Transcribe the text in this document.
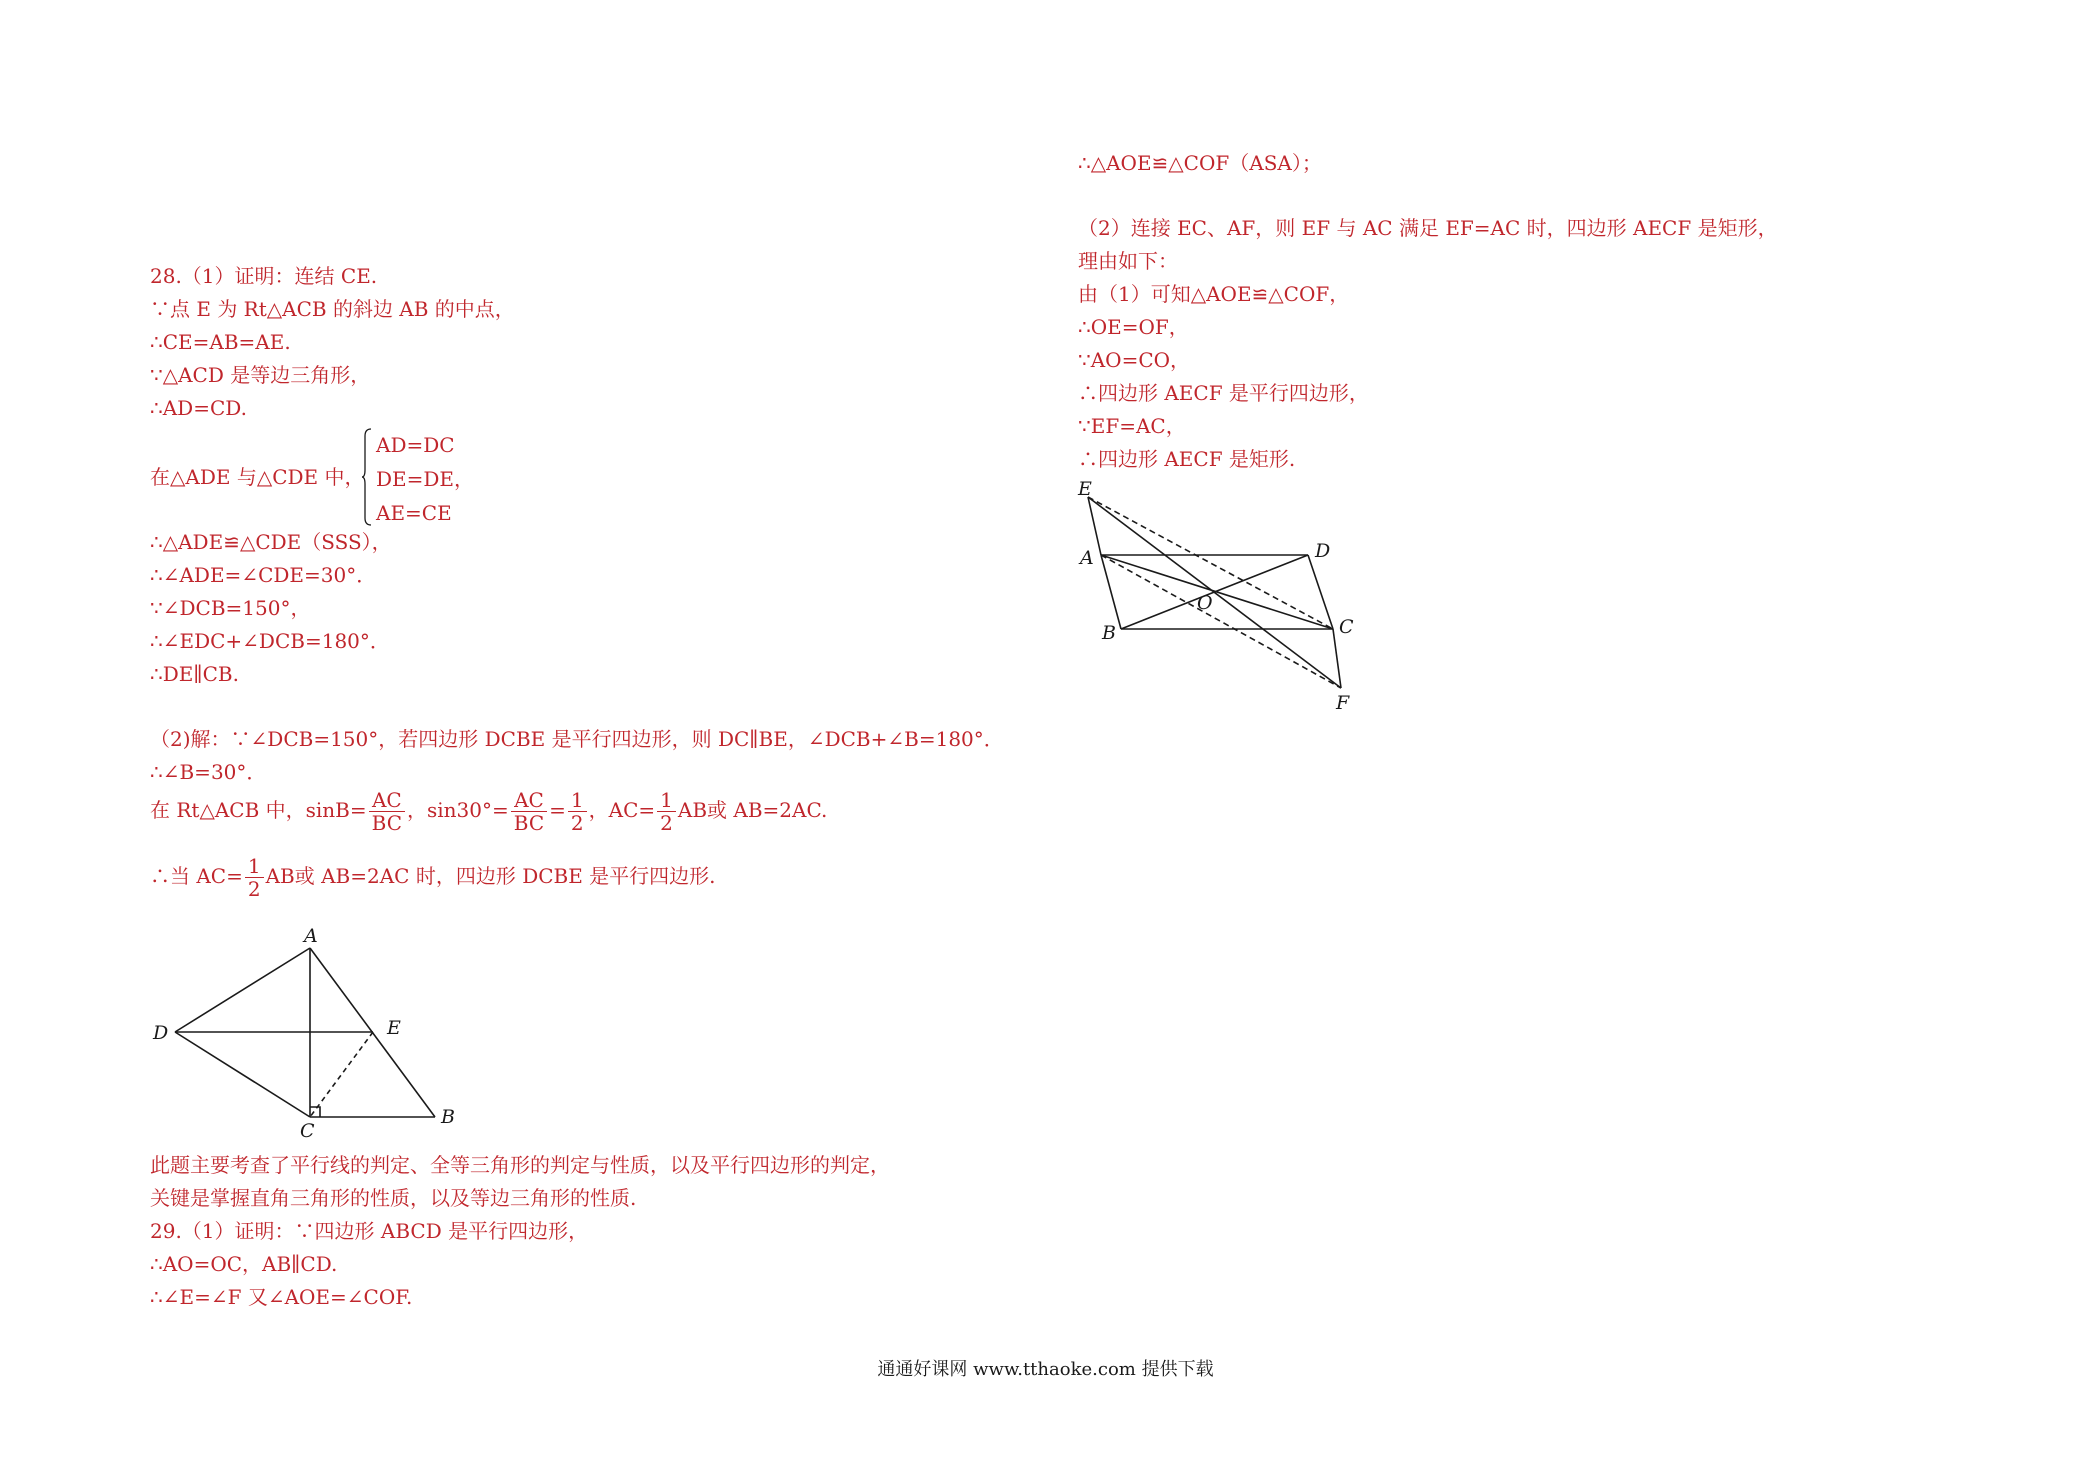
28.（1）证明：连结 CE.
∵点 E 为 Rt△ACB 的斜边 AB 的中点，
∴CE=AB=AE.
∵△ACD 是等边三角形，
∴AD=CD.
在△ADE 与△CDE 中，
AD=DC
DE=DE，
AE=CE
∴△ADE≌△CDE（SSS），
∴∠ADE=∠CDE=30°．
∵∠DCB=150°，
∴∠EDC+∠DCB=180°．
∴DE∥CB.
（2)解：∵∠DCB=150°，若四边形 DCBE 是平行四边形，则 DC∥BE，∠DCB+∠B=180°．
∴∠B=30°．
在 Rt△ACB 中，$\sin B= \frac{AC}{BC}$ ，$\sin 30^\circ= \frac{AC}{BC} = \frac{1}{2}$ ，$AC= \frac{1}{2}$ AB或 AB=2AC.
∴当 $AC= \frac{1}{2}$ AB或 AB=2AC 时，四边形 DCBE 是平行四边形.
此题主要考查了平行线的判定、全等三角形的判定与性质，以及平行四边形的判定，
关键是掌握直角三角形的性质，以及等边三角形的性质.
29.（1）证明：∵四边形 ABCD 是平行四边形，
∴AO=OC，AB∥CD.
∴∠E=∠F 又∠AOE=∠COF.
A
D	E
C
B
∴△AOE≌△COF（ASA）；
（2）连接 EC、AF，则 EF 与 AC 满足 EF=AC 时，四边形 AECF 是矩形，
理由如下：
由（1）可知△AOE≌△COF，
∴OE=OF，
∵AO=CO，
∴四边形 AECF 是平行四边形，
∵EF=AC，
∴四边形 AECF 是矩形.
E
A	D
B	C
O
F
通通好课网 www.tthaoke.com 提供下载
